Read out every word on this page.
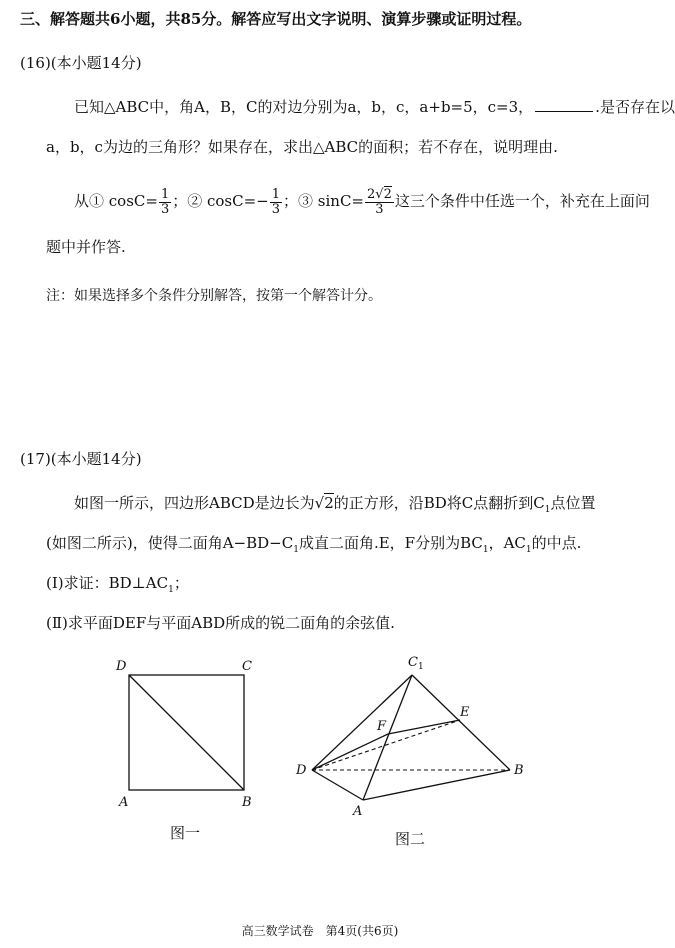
三、解答题共6小题，共85分。解答应写出文字说明、演算步骤或证明过程。
(16)(本小题14分)
已知△ABC中，角A，B，C的对边分别为a，b，c，a+b=5，c=3，	.是否存在以
a，b，c为边的三角形？如果存在，求出△ABC的面积；若不存在，说明理由.
从① $\cos C= \frac{1}{3}$ ；② $\cos C=- \frac{1}{3}$ ；③ $\sin C= \frac{2√2}{3}$ 这三个条件中任选一个，补充在上面问
题中并作答.
注：如果选择多个条件分别解答，按第一个解答计分。
(17)(本小题14分)
如图一所示，四边形ABCD是边长为√2的正方形，沿BD将C点翻折到$C_1$点位置
(如图二所示)，使得二面角$A-BD-C_1$成直二面角.E，F分别为$BC_1$，$AC_1$的中点.
(Ⅰ)求证：$BD\perp AC_1$；
(Ⅱ)求平面DEF与平面ABD所成的锐二面角的余弦值.
D	C
A	B
图一
$C_1$
F
E
D	B
A
图二
高三数学试卷　第4页(共6页)
